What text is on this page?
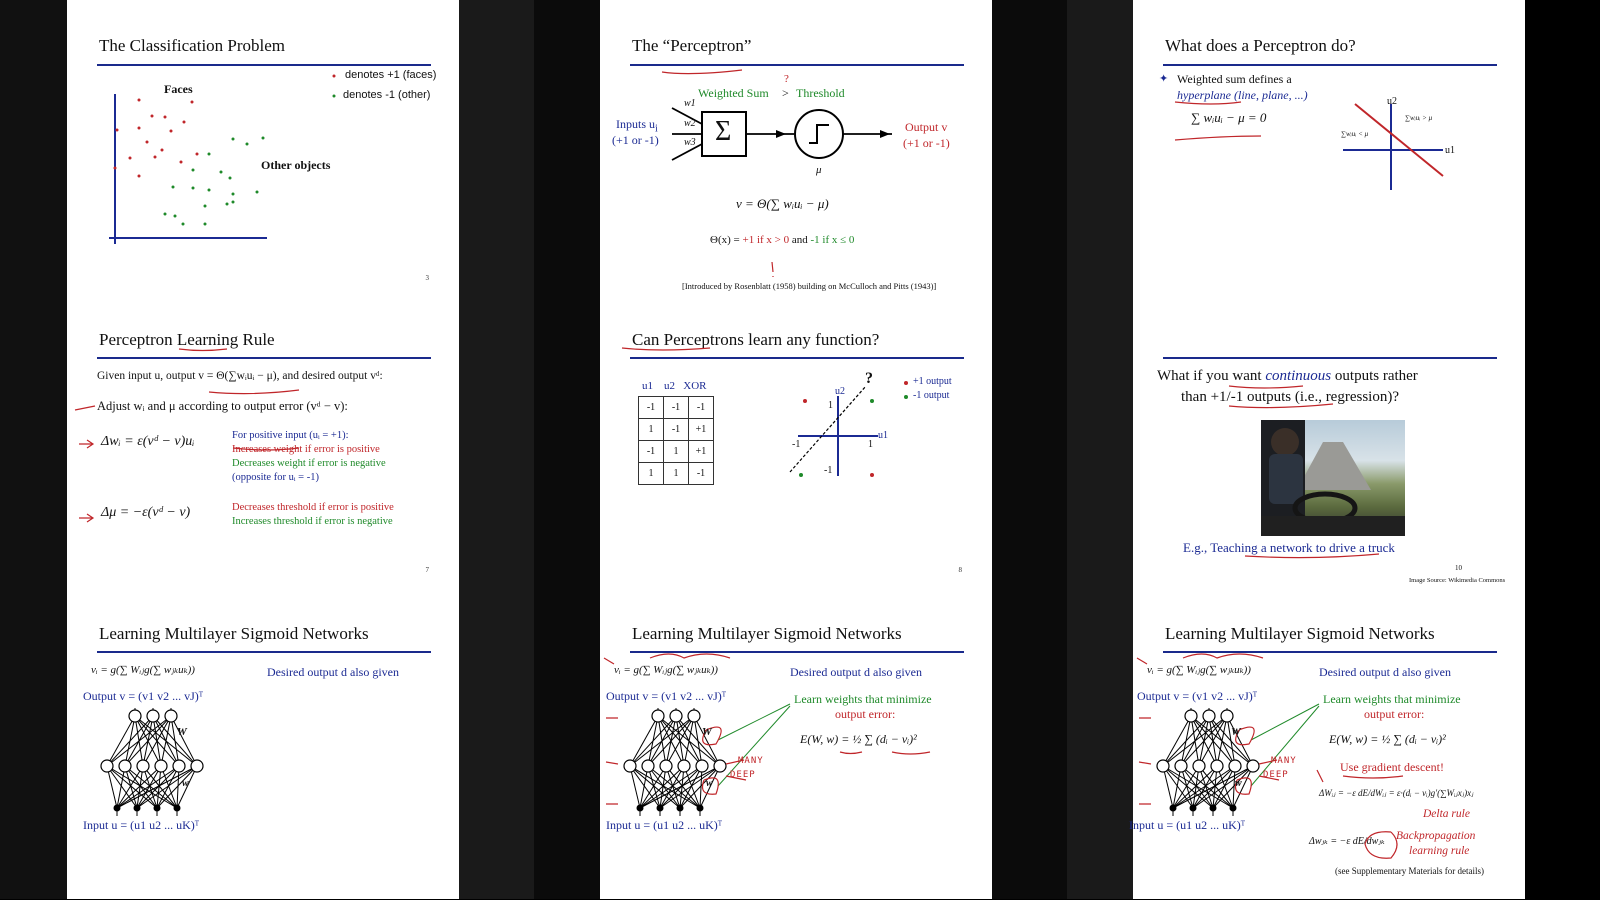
The Classification Problem
Faces
Other objects
denotes +1 (faces)
denotes -1 (other)
3
Perceptron Learning Rule
Given input u, output v = Θ(∑wᵢuᵢ − μ), and desired output vᵈ:
Adjust wᵢ and μ according to output error (vᵈ − v):
Δwᵢ = ε(vᵈ − v)uᵢ	For positive input (uᵢ = +1):
Increases weight if error is positive
Decreases weight if error is negative
(opposite for uᵢ = -1)
Δμ = −ε(vᵈ − v)	Decreases threshold if error is positive
Increases threshold if error is negative
7
Learning Multilayer Sigmoid Networks
vᵢ = g(∑ Wᵢⱼg(∑ wⱼₖuₖ))
Output v = (v1 v2 ... vJ)ᵀ
Desired output d also given
W
w
Input u = (u1 u2 ... uK)ᵀ
The “Perceptron”
Weighted Sum > Threshold
?
Inputs $u_i$
(+1 or -1)
Output v
(+1 or -1)
Σ
w1
w2
w3
μ
v = Θ(∑ wᵢuᵢ − μ)
Θ(x) = +1 if x > 0 and -1 if x ≤ 0
[Introduced by Rosenblatt (1958) building on McCulloch and Pitts (1943)]
Can Perceptrons learn any function?
u1 u2 XOR
-1	-1	-1
1	-1	+1
-1	1	+1
1	1	-1
?	+1 output
-1 output
u2
u1
1
1
-1
-1
8
Learning Multilayer Sigmoid Networks
vᵢ = g(∑ Wᵢⱼg(∑ wⱼₖuₖ))
Output v = (v1 v2 ... vJ)ᵀ
Desired output d also given
Learn weights that minimize
output error:
E(W, w) = ½ ∑ (dᵢ − vᵢ)²
W
w
MANY
DEEP
Input u = (u1 u2 ... uK)ᵀ
What does a Perceptron do?
✦ Weighted sum defines a
hyperplane (line, plane, ...)
∑ wᵢuᵢ − μ = 0
u2
u1
∑wᵢuᵢ > μ
∑wᵢuᵢ < μ
What if you want continuous outputs rather
than +1/-1 outputs (i.e., regression)?
E.g., Teaching a network to drive a truck
10
Image Source: Wikimedia Commons
Learning Multilayer Sigmoid Networks
vᵢ = g(∑ Wᵢⱼg(∑ wⱼₖuₖ))
Output v = (v1 v2 ... vJ)ᵀ
Desired output d also given
Learn weights that minimize
output error:
E(W, w) = ½ ∑ (dᵢ − vᵢ)²
Use gradient descent!
ΔWᵢⱼ = −ε dE/dWᵢⱼ = ε·(dᵢ − vᵢ)g′(∑Wᵢⱼxⱼ)xⱼ
Delta rule
Δwⱼₖ = −ε dE/dwⱼₖ Backpropagation
learning rule
W
w
MANY
DEEP
Input u = (u1 u2 ... uK)ᵀ
(see Supplementary Materials for details)
